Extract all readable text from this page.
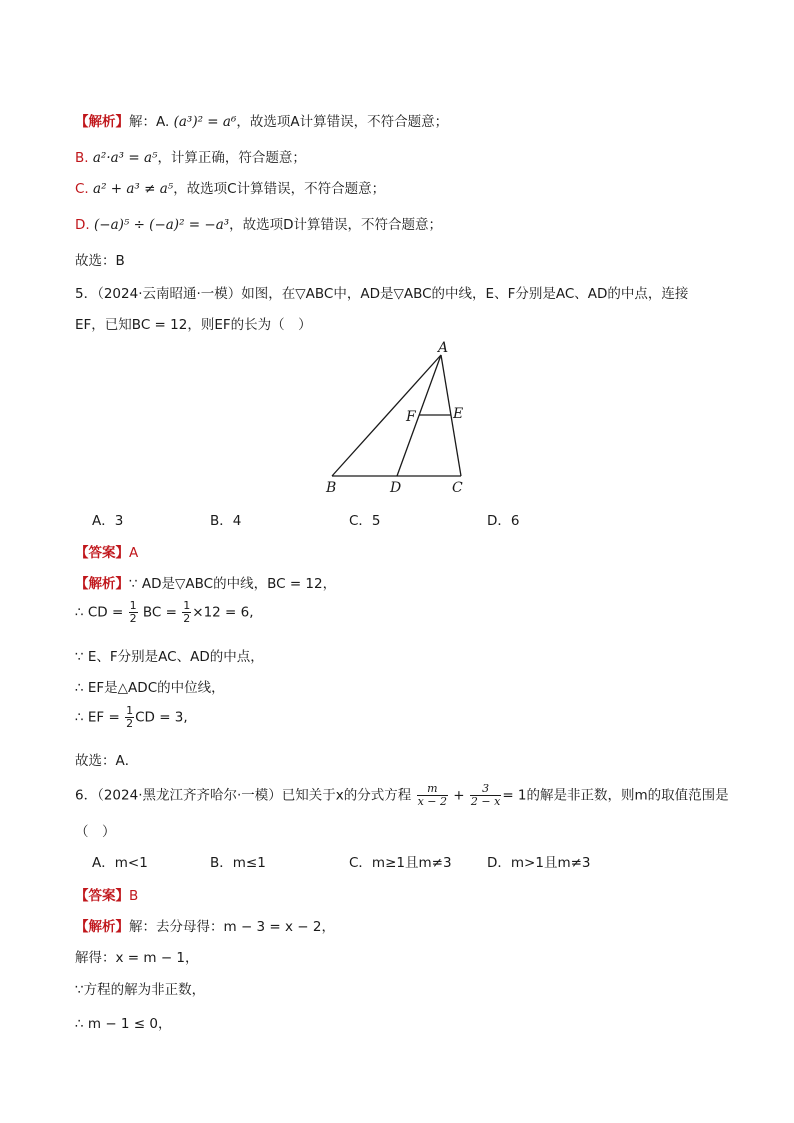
【解析】解：A. (a³)² = a⁶，故选项A计算错误，不符合题意；
B. a²·a³ = a⁵，计算正确，符合题意；
C. a² + a³ ≠ a⁵，故选项C计算错误，不符合题意；
D. (−a)⁵ ÷ (−a)² = −a³，故选项D计算错误，不符合题意；
故选：B
5．（2024·云南昭通·一模）如图，在▽ABC中，AD是▽ABC的中线，E、F分别是AC、AD的中点，连接
EF，已知BC = 12，则EF的长为（　）
A
B	C
D
E
F
A．3	B．4	C．5	D．6
【答案】A
【解析】∵ AD是▽ABC的中线，BC = 12，
∴ CD = $\frac{1}{2}$ BC = $\frac{1}{2} \times 12 = 6$,
∵ E、F分别是AC、AD的中点，
∴ EF是△ADC的中位线，
∴ EF = $\frac{1}{2}$ CD = 3,
故选：A．
6．（2024·黑龙江齐齐哈尔·一模）已知关于x的分式方程 $\frac{m}{x - 2} + \frac{3}{2 - x} = 1$的解是非正数，则m的取值范围是
（　）
A．m<1	B．m≤1	C．m≥1且m≠3	D．m>1且m≠3
【答案】B
【解析】解：去分母得：m − 3 = x − 2，
解得：x = m − 1，
∵方程的解为非正数，
∴ m − 1 ≤ 0，
